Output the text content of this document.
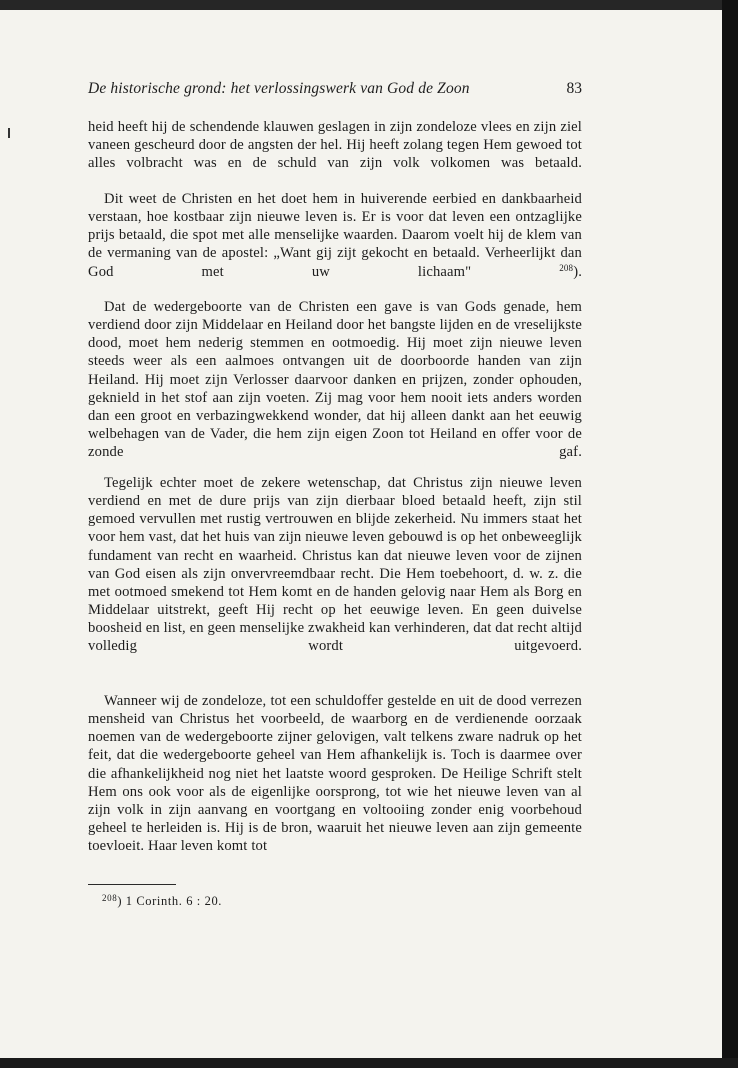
De historische grond: het verlossingswerk van God de Zoon	83

heid heeft hij de schendende klauwen geslagen in zijn zondeloze vlees en zijn ziel vaneen gescheurd door de angsten der hel. Hij heeft zolang tegen Hem gewoed tot alles volbracht was en de schuld van zijn volk volkomen was betaald.

Dit weet de Christen en het doet hem in huiverende eerbied en dankbaarheid verstaan, hoe kostbaar zijn nieuwe leven is. Er is voor dat leven een ontzaglijke prijs betaald, die spot met alle menselijke waarden. Daarom voelt hij de klem van de vermaning van de apostel: „Want gij zijt gekocht en betaald. Verheerlijkt dan God met uw lichaam"	$^{208}$).

Dat de wedergeboorte van de Christen een gave is van Gods genade, hem verdiend door zijn Middelaar en Heiland door het bangste lijden en de vreselijkste dood, moet hem nederig stemmen en ootmoedig. Hij moet zijn nieuwe leven steeds weer als een aalmoes ontvangen uit de doorboorde handen van zijn Heiland. Hij moet zijn Verlosser daarvoor danken en prijzen, zonder ophouden, geknield in het stof aan zijn voeten. Zij mag voor hem nooit iets anders worden dan een groot en verbazingwekkend wonder, dat hij alleen dankt aan het eeuwig welbehagen van de Vader, die hem zijn eigen Zoon tot Heiland en offer voor de zonde gaf.

Tegelijk echter moet de zekere wetenschap, dat Christus zijn nieuwe leven verdiend en met de dure prijs van zijn dierbaar bloed betaald heeft, zijn stil gemoed vervullen met rustig vertrouwen en blijde zekerheid. Nu immers staat het voor hem vast, dat het huis van zijn nieuwe leven gebouwd is op het onbeweeglijk fundament van recht en waarheid. Christus kan dat nieuwe leven voor de zijnen van God eisen als zijn onvervreemdbaar recht. Die Hem toebehoort, d. w. z. die met ootmoed smekend tot Hem komt en de handen gelovig naar Hem als Borg en Middelaar uitstrekt, geeft Hij recht op het eeuwige leven. En geen duivelse boosheid en list, en geen menselijke zwakheid kan verhinderen, dat dat recht altijd volledig wordt uitgevoerd.

Wanneer wij de zondeloze, tot een schuldoffer gestelde en uit de dood verrezen mensheid van Christus het voorbeeld, de waarborg en de verdienende oorzaak noemen van de wedergeboorte zijner gelovigen, valt telkens zware nadruk op het feit, dat die wedergeboorte geheel van Hem afhankelijk is. Toch is daarmee over die afhankelijkheid nog niet het laatste woord gesproken. De Heilige Schrift stelt Hem ons ook voor als de eigenlijke oorsprong, tot wie het nieuwe leven van al zijn volk in zijn aanvang en voortgang en voltooiing zonder enig voorbehoud geheel te herleiden is. Hij is de bron, waaruit het nieuwe leven aan zijn gemeente toevloeit. Haar leven komt tot

$^{208}$) 1 Corinth. 6 : 20.
